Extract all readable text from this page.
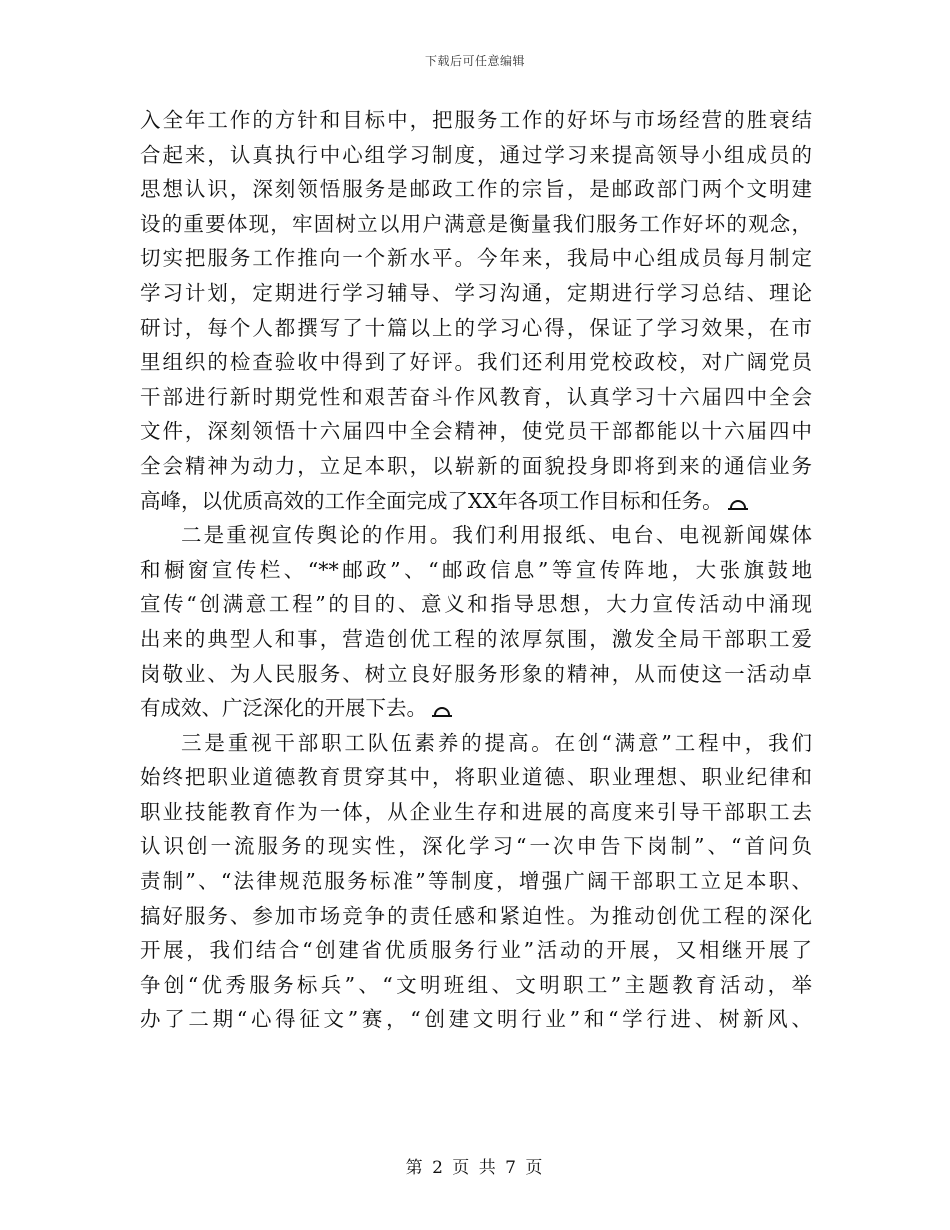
下载后可任意编辑
入全年工作的方针和目标中，把服务工作的好坏与市场经营的胜衰结
合起来，认真执行中心组学习制度，通过学习来提高领导小组成员的
思想认识，深刻领悟服务是邮政工作的宗旨，是邮政部门两个文明建
设的重要体现，牢固树立以用户满意是衡量我们服务工作好坏的观念，
切实把服务工作推向一个新水平。今年来，我局中心组成员每月制定
学习计划，定期进行学习辅导、学习沟通，定期进行学习总结、理论
研讨，每个人都撰写了十篇以上的学习心得，保证了学习效果，在市
里组织的检查验收中得到了好评。我们还利用党校政校，对广阔党员
干部进行新时期党性和艰苦奋斗作风教育，认真学习十六届四中全会
文件，深刻领悟十六届四中全会精神，使党员干部都能以十六届四中
全会精神为动力，立足本职，以崭新的面貌投身即将到来的通信业务
高峰，以优质高效的工作全面完成了XX年各项工作目标和任务。
二是重视宣传舆论的作用。我们利用报纸、电台、电视新闻媒体
和橱窗宣传栏、“**邮政”、“邮政信息”等宣传阵地，大张旗鼓地
宣传“创满意工程”的目的、意义和指导思想，大力宣传活动中涌现
出来的典型人和事，营造创优工程的浓厚氛围，激发全局干部职工爱
岗敬业、为人民服务、树立良好服务形象的精神，从而使这一活动卓
有成效、广泛深化的开展下去。
三是重视干部职工队伍素养的提高。在创“满意”工程中，我们
始终把职业道德教育贯穿其中，将职业道德、职业理想、职业纪律和
职业技能教育作为一体，从企业生存和进展的高度来引导干部职工去
认识创一流服务的现实性，深化学习“一次申告下岗制”、“首问负
责制”、“法律规范服务标准”等制度，增强广阔干部职工立足本职、
搞好服务、参加市场竞争的责任感和紧迫性。为推动创优工程的深化
开展，我们结合“创建省优质服务行业”活动的开展，又相继开展了
争创“优秀服务标兵”、“文明班组、文明职工”主题教育活动，举
办了二期“心得征文”赛，“创建文明行业”和“学行进、树新风、
第 2 页 共 7 页
